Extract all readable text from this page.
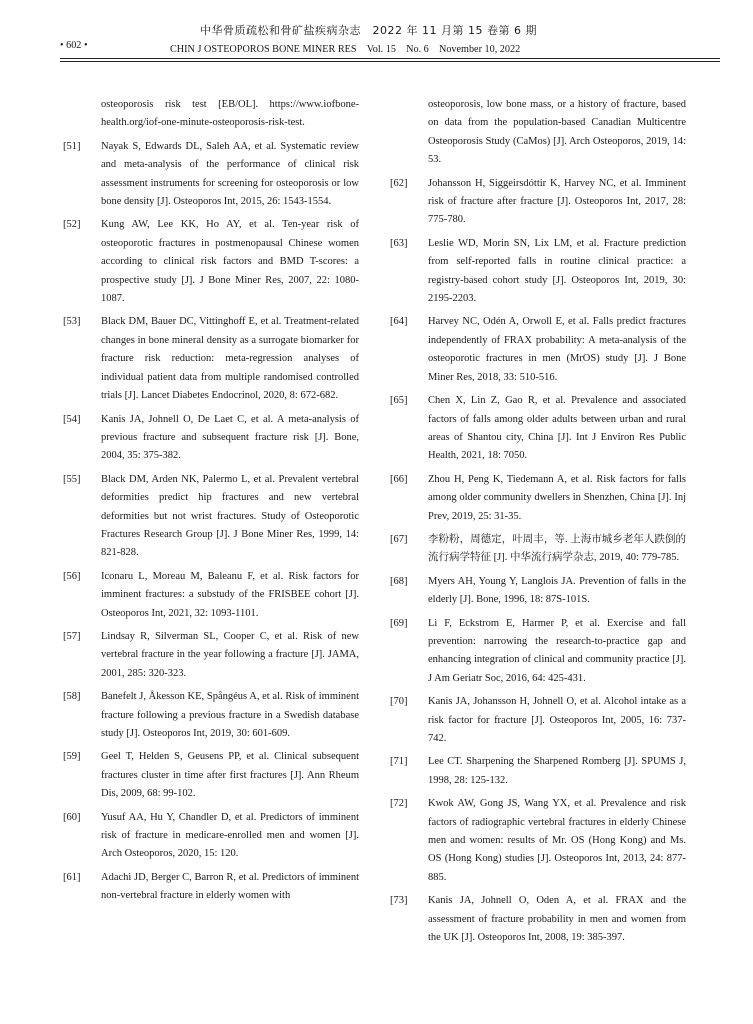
中华骨质疏松和骨矿盐疾病杂志　2022 年 11 月第 15 卷第 6 期
• 602 •	CHIN J OSTEOPOROS BONE MINER RES　Vol. 15　No. 6　November 10, 2022
osteoporosis risk test [EB/OL]. https://www.iofbone-health.org/iof-one-minute-osteoporosis-risk-test.
[51]	Nayak S, Edwards DL, Saleh AA, et al. Systematic review and meta-analysis of the performance of clinical risk assessment instruments for screening for osteoporosis or low bone density [J]. Osteoporos Int, 2015, 26: 1543-1554.
[52]	Kung AW, Lee KK, Ho AY, et al. Ten-year risk of osteoporotic fractures in postmenopausal Chinese women according to clinical risk factors and BMD T-scores: a prospective study [J]. J Bone Miner Res, 2007, 22: 1080-1087.
[53]	Black DM, Bauer DC, Vittinghoff E, et al. Treatment-related changes in bone mineral density as a surrogate biomarker for fracture risk reduction: meta-regression analyses of individual patient data from multiple randomised controlled trials [J]. Lancet Diabetes Endocrinol, 2020, 8: 672-682.
[54]	Kanis JA, Johnell O, De Laet C, et al. A meta-analysis of previous fracture and subsequent fracture risk [J]. Bone, 2004, 35: 375-382.
[55]	Black DM, Arden NK, Palermo L, et al. Prevalent vertebral deformities predict hip fractures and new vertebral deformities but not wrist fractures. Study of Osteoporotic Fractures Research Group [J]. J Bone Miner Res, 1999, 14: 821-828.
[56]	Iconaru L, Moreau M, Baleanu F, et al. Risk factors for imminent fractures: a substudy of the FRISBEE cohort [J]. Osteoporos Int, 2021, 32: 1093-1101.
[57]	Lindsay R, Silverman SL, Cooper C, et al. Risk of new vertebral fracture in the year following a fracture [J]. JAMA, 2001, 285: 320-323.
[58]	Banefelt J, Åkesson KE, Spångéus A, et al. Risk of imminent fracture following a previous fracture in a Swedish database study [J]. Osteoporos Int, 2019, 30: 601-609.
[59]	Geel T, Helden S, Geusens PP, et al. Clinical subsequent fractures cluster in time after first fractures [J]. Ann Rheum Dis, 2009, 68: 99-102.
[60]	Yusuf AA, Hu Y, Chandler D, et al. Predictors of imminent risk of fracture in medicare-enrolled men and women [J]. Arch Osteoporos, 2020, 15: 120.
[61]	Adachi JD, Berger C, Barron R, et al. Predictors of imminent non-vertebral fracture in elderly women with
osteoporosis, low bone mass, or a history of fracture, based on data from the population-based Canadian Multicentre Osteoporosis Study (CaMos) [J]. Arch Osteoporos, 2019, 14: 53.
[62]	Johansson H, Siggeirsdóttir K, Harvey NC, et al. Imminent risk of fracture after fracture [J]. Osteoporos Int, 2017, 28: 775-780.
[63]	Leslie WD, Morin SN, Lix LM, et al. Fracture prediction from self-reported falls in routine clinical practice: a registry-based cohort study [J]. Osteoporos Int, 2019, 30: 2195-2203.
[64]	Harvey NC, Odén A, Orwoll E, et al. Falls predict fractures independently of FRAX probability: A meta-analysis of the osteoporotic fractures in men (MrOS) study [J]. J Bone Miner Res, 2018, 33: 510-516.
[65]	Chen X, Lin Z, Gao R, et al. Prevalence and associated factors of falls among older adults between urban and rural areas of Shantou city, China [J]. Int J Environ Res Public Health, 2021, 18: 7050.
[66]	Zhou H, Peng K, Tiedemann A, et al. Risk factors for falls among older community dwellers in Shenzhen, China [J]. Inj Prev, 2019, 25: 31-35.
[67]	李粉粉，周德定，叶周丰，等. 上海市城乡老年人跌倒的流行病学特征 [J]. 中华流行病学杂志, 2019, 40: 779-785.
[68]	Myers AH, Young Y, Langlois JA. Prevention of falls in the elderly [J]. Bone, 1996, 18: 87S-101S.
[69]	Li F, Eckstrom E, Harmer P, et al. Exercise and fall prevention: narrowing the research-to-practice gap and enhancing integration of clinical and community practice [J]. J Am Geriatr Soc, 2016, 64: 425-431.
[70]	Kanis JA, Johansson H, Johnell O, et al. Alcohol intake as a risk factor for fracture [J]. Osteoporos Int, 2005, 16: 737-742.
[71]	Lee CT. Sharpening the Sharpened Romberg [J]. SPUMS J, 1998, 28: 125-132.
[72]	Kwok AW, Gong JS, Wang YX, et al. Prevalence and risk factors of radiographic vertebral fractures in elderly Chinese men and women: results of Mr. OS (Hong Kong) and Ms. OS (Hong Kong) studies [J]. Osteoporos Int, 2013, 24: 877-885.
[73]	Kanis JA, Johnell O, Oden A, et al. FRAX and the assessment of fracture probability in men and women from the UK [J]. Osteoporos Int, 2008, 19: 385-397.
